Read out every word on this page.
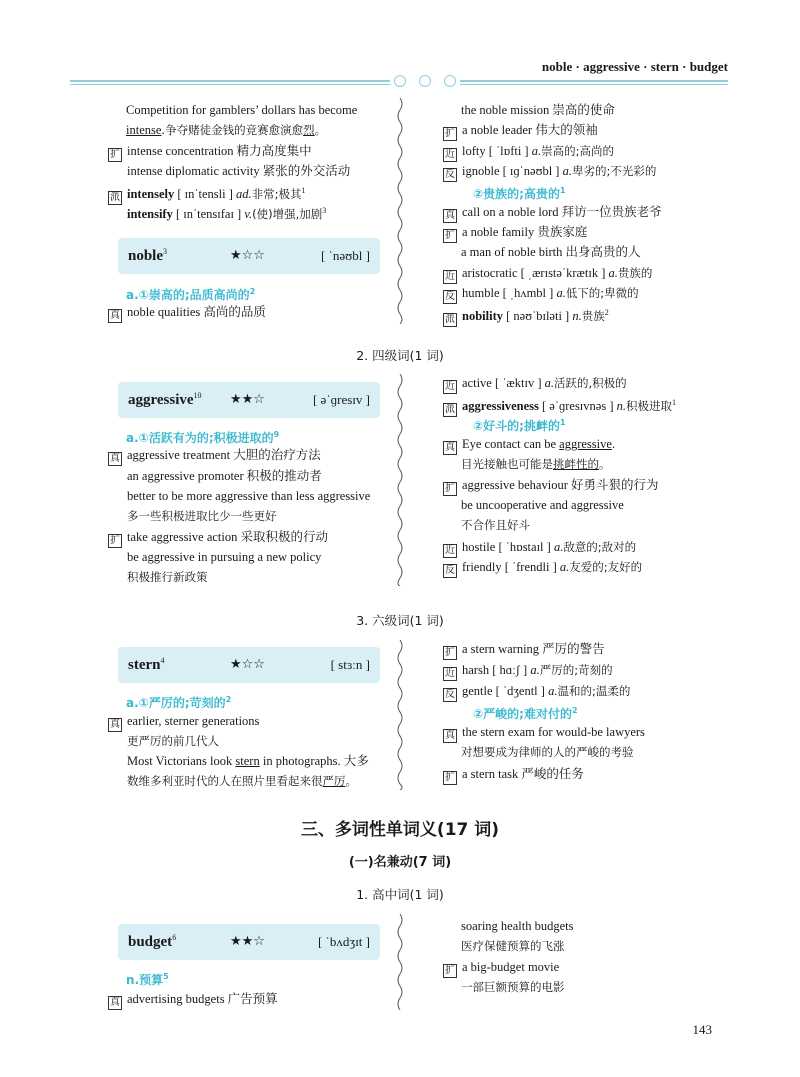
noble · aggressive · stern · budget
Competition for gamblers’ dollars has become
intense.争夺赌徒金钱的竞赛愈演愈烈。
扩 intense concentration 精力高度集中
intense diplomatic activity 紧张的外交活动
派 intensely [ ɪnˈtensli ] ad.非常;极其$^1$
intensify [ ɪnˈtensɪfaɪ ] v.(使)增强,加剧$^3$
noble$^3$	★☆☆	[ ˈnəʊbl ]
a.①崇高的;品质高尚的$^2$
真 noble qualities 高尚的品质
the noble mission 崇高的使命
扩 a noble leader 伟大的领袖
近 lofty [ ˈlɒfti ] a.崇高的;高尚的
反 ignoble [ ɪɡˈnəʊbl ] a.卑劣的;不光彩的
②贵族的;高贵的$^1$
真 call on a noble lord 拜访一位贵族老爷
扩 a noble family 贵族家庭
a man of noble birth 出身高贵的人
近 aristocratic [ ˌærɪstəˈkrætɪk ] a.贵族的
反 humble [ ˌhʌmbl ] a.低下的;卑微的
派 nobility [ nəʊˈbɪləti ] n.贵族$^2$
2. 四级词(1 词)
aggressive$^{10}$ ★★☆	[ əˈɡresɪv ]
a.①活跃有为的;积极进取的$^9$
真 aggressive treatment 大胆的治疗方法
an aggressive promoter 积极的推动者
better to be more aggressive than less aggressive
多一些积极进取比少一些更好
扩 take aggressive action 采取积极的行动
be aggressive in pursuing a new policy
积极推行新政策
近 active [ ˈæktɪv ] a.活跃的,积极的
派 aggressiveness [ əˈɡresɪvnəs ] n.积极进取$^1$
②好斗的;挑衅的$^1$
真 Eye contact can be aggressive.
目光接触也可能是挑衅性的。
扩 aggressive behaviour 好勇斗狠的行为
be uncooperative and aggressive
不合作且好斗
近 hostile [ ˈhɒstaɪl ] a.敌意的;敌对的
反 friendly [ ˈfrendli ] a.友爱的;友好的
3. 六级词(1 词)
stern$^4$	★☆☆	[ stɜːn ]
a.①严厉的;苛刻的$^2$
真 earlier, sterner generations
更严厉的前几代人
Most Victorians look stern in photographs. 大多
数维多利亚时代的人在照片里看起来很严厉。
扩 a stern warning 严厉的警告
近 harsh [ hɑːʃ ] a.严厉的;苛刻的
反 gentle [ ˈdʒentl ] a.温和的;温柔的
②严峻的;难对付的$^2$
真 the stern exam for would-be lawyers
对想要成为律师的人的严峻的考验
扩 a stern task 严峻的任务
三、多词性单词义(17 词)
(一)名兼动(7 词)
1. 高中词(1 词)
budget$^6$	★★☆	[ ˈbʌdʒɪt ]
n.预算$^5$
真 advertising budgets 广告预算
soaring health budgets
医疗保健预算的飞涨
扩 a big-budget movie
一部巨额预算的电影
143
